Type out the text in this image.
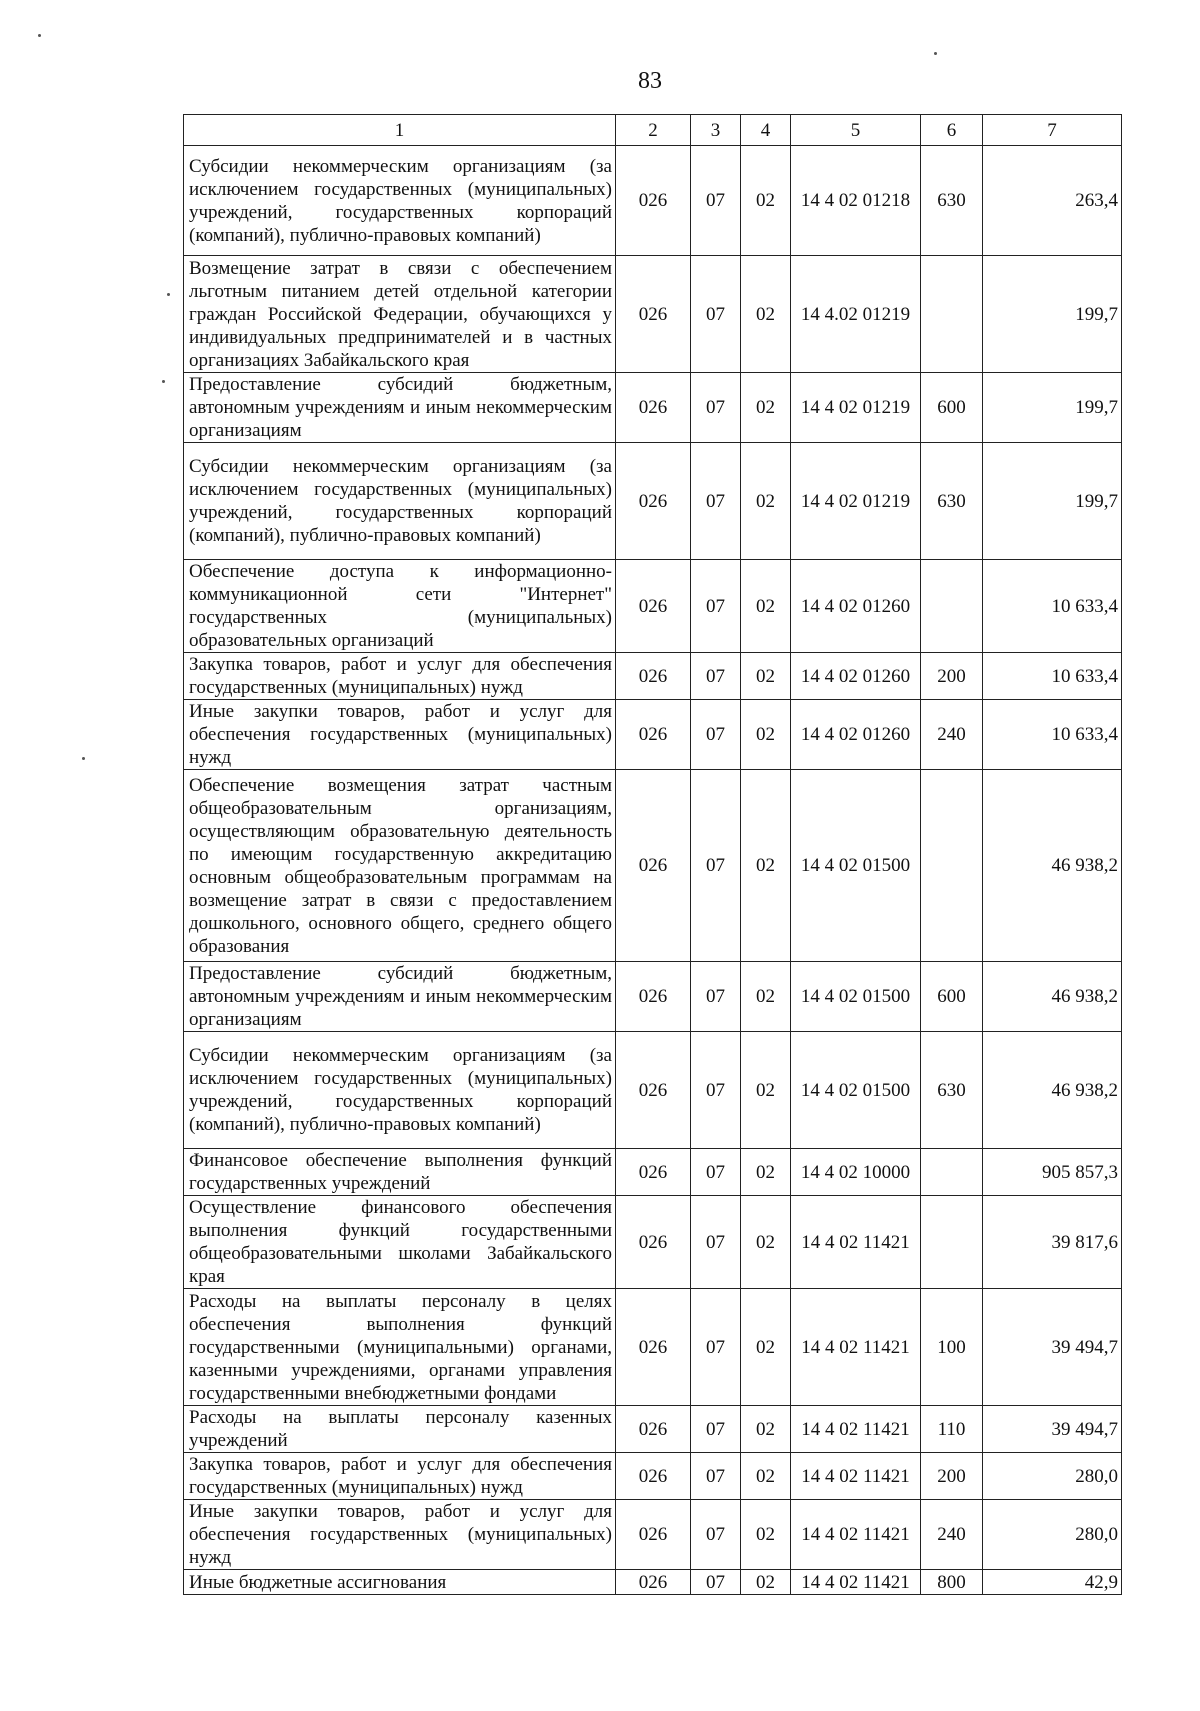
83
1	2	3	4	5	6	7
Субсидии некоммерческим организациям (за исключением государственных (муниципальных) учреждений, государственных корпораций (компаний), публично-правовых компаний)	026	07	02	14 4 02 01218	630	263,4
Возмещение затрат в связи с обеспечением льготным питанием детей отдельной категории граждан Российской Федерации, обучающихся у индивидуальных предпринимателей и в частных организациях Забайкальского края	026	07	02	14 4.02 01219		199,7
Предоставление субсидий бюджетным, автономным учреждениям и иным некоммерческим организациям	026	07	02	14 4 02 01219	600	199,7
Субсидии некоммерческим организациям (за исключением государственных (муниципальных) учреждений, государственных корпораций (компаний), публично-правовых компаний)	026	07	02	14 4 02 01219	630	199,7
Обеспечение доступа к информационно-коммуникационной сети "Интернет" государственных (муниципальных) образовательных организаций	026	07	02	14 4 02 01260		10 633,4
Закупка товаров, работ и услуг для обеспечения государственных (муниципальных) нужд	026	07	02	14 4 02 01260	200	10 633,4
Иные закупки товаров, работ и услуг для обеспечения государственных (муниципальных) нужд	026	07	02	14 4 02 01260	240	10 633,4
Обеспечение возмещения затрат частным общеобразовательным организациям, осуществляющим образовательную деятельность по имеющим государственную аккредитацию основным общеобразовательным программам на возмещение затрат в связи с предоставлением дошкольного, основного общего, среднего общего образования	026	07	02	14 4 02 01500		46 938,2
Предоставление субсидий бюджетным, автономным учреждениям и иным некоммерческим организациям	026	07	02	14 4 02 01500	600	46 938,2
Субсидии некоммерческим организациям (за исключением государственных (муниципальных) учреждений, государственных корпораций (компаний), публично-правовых компаний)	026	07	02	14 4 02 01500	630	46 938,2
Финансовое обеспечение выполнения функций государственных учреждений	026	07	02	14 4 02 10000		905 857,3
Осуществление финансового обеспечения выполнения функций государственными общеобразовательными школами Забайкальского края	026	07	02	14 4 02 11421		39 817,6
Расходы на выплаты персоналу в целях обеспечения выполнения функций государственными (муниципальными) органами, казенными учреждениями, органами управления государственными внебюджетными фондами	026	07	02	14 4 02 11421	100	39 494,7
Расходы на выплаты персоналу казенных учреждений	026	07	02	14 4 02 11421	110	39 494,7
Закупка товаров, работ и услуг для обеспечения государственных (муниципальных) нужд	026	07	02	14 4 02 11421	200	280,0
Иные закупки товаров, работ и услуг для обеспечения государственных (муниципальных) нужд	026	07	02	14 4 02 11421	240	280,0
Иные бюджетные ассигнования	026	07	02	14 4 02 11421	800	42,9
